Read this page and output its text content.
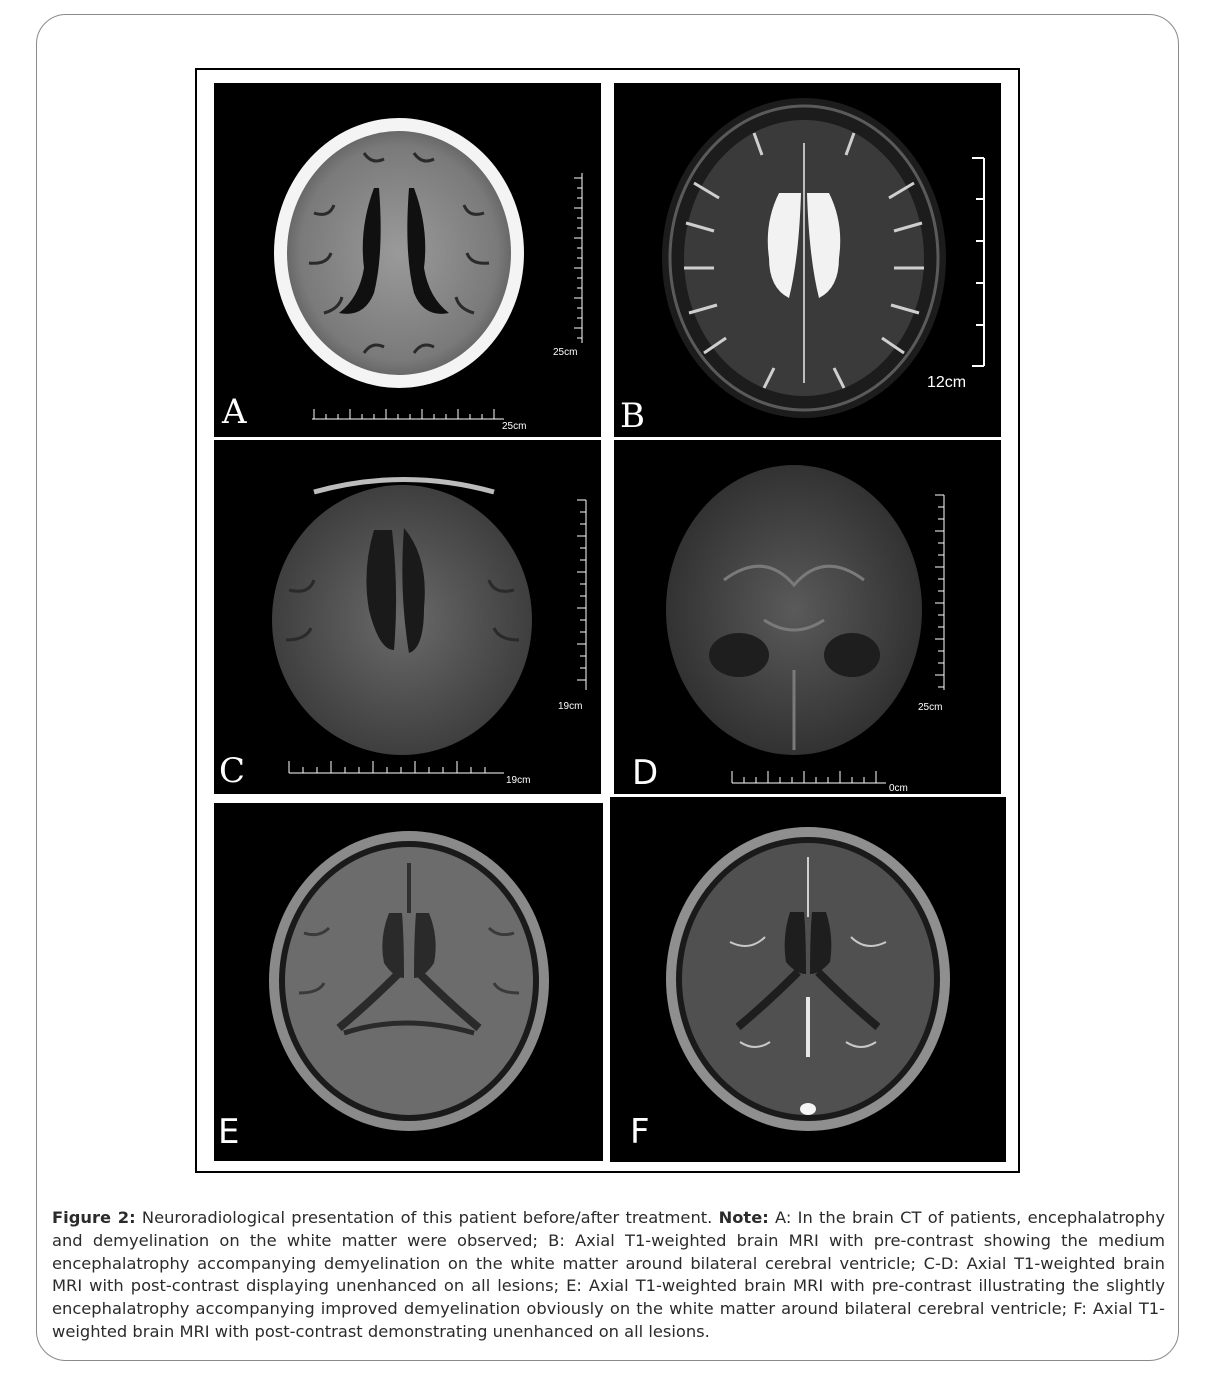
A
25cm
25cm	B
12cm
C
19cm
19cm	D
25cm
0cm
E	F

Figure 2: Neuroradiological presentation of this patient before/after treatment. Note: A: In the brain CT of patients, encephalatrophy and demyelination on the white matter were observed; B: Axial T1-weighted brain MRI with pre-contrast showing the medium encephalatrophy accompanying demyelination on the white matter around bilateral cerebral ventricle; C-D: Axial T1-weighted brain MRI with post-contrast displaying unenhanced on all lesions; E: Axial T1-weighted brain MRI with pre-contrast illustrating the slightly encephalatrophy accompanying improved demyelination obviously on the white matter around bilateral cerebral ventricle; F: Axial T1-weighted brain MRI with post-contrast demonstrating unenhanced on all lesions.
